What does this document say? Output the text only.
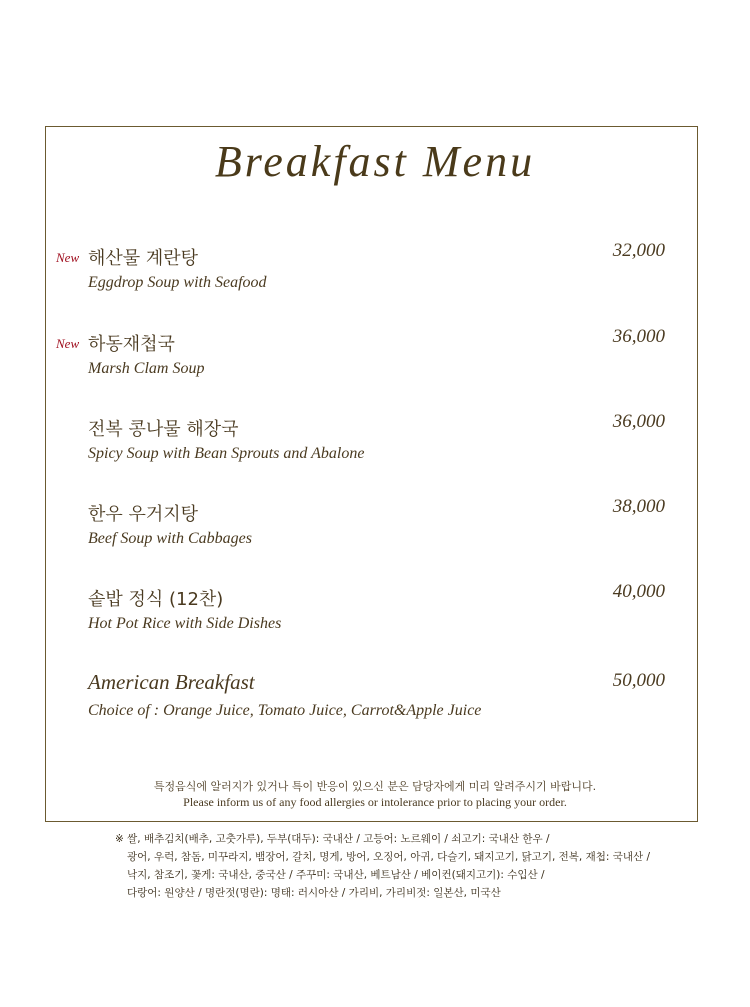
Breakfast Menu
New 해산물 계란탕
Eggdrop Soup with Seafood
32,000
New 하동재첩국
Marsh Clam Soup
36,000
전복 콩나물 해장국
Spicy Soup with Bean Sprouts and Abalone
36,000
한우 우거지탕
Beef Soup with Cabbages
38,000
솥밥 정식 (12찬)
Hot Pot Rice with Side Dishes
40,000
American Breakfast
Choice of : Orange Juice, Tomato Juice, Carrot&Apple Juice
50,000
특정음식에 알러지가 있거나 특이 반응이 있으신 분은 담당자에게 미리 알려주시기 바랍니다.
Please inform us of any food allergies or intolerance prior to placing your order.
※ 쌀, 배추김치(배추, 고춧가루), 두부(대두): 국내산 / 고등어: 노르웨이 / 쇠고기: 국내산 한우 /
광어, 우럭, 참돔, 미꾸라지, 뱀장어, 갈치, 명게, 방어, 오징어, 아귀, 다슬기, 돼지고기, 닭고기, 전복, 재첩: 국내산 /
낙지, 참조기, 꽃게: 국내산, 중국산 / 주꾸미: 국내산, 베트남산 / 베이컨(돼지고기): 수입산 /
다랑어: 원양산 / 명란젓(명란): 명태: 러시아산 / 가리비, 가리비젓: 일본산, 미국산
